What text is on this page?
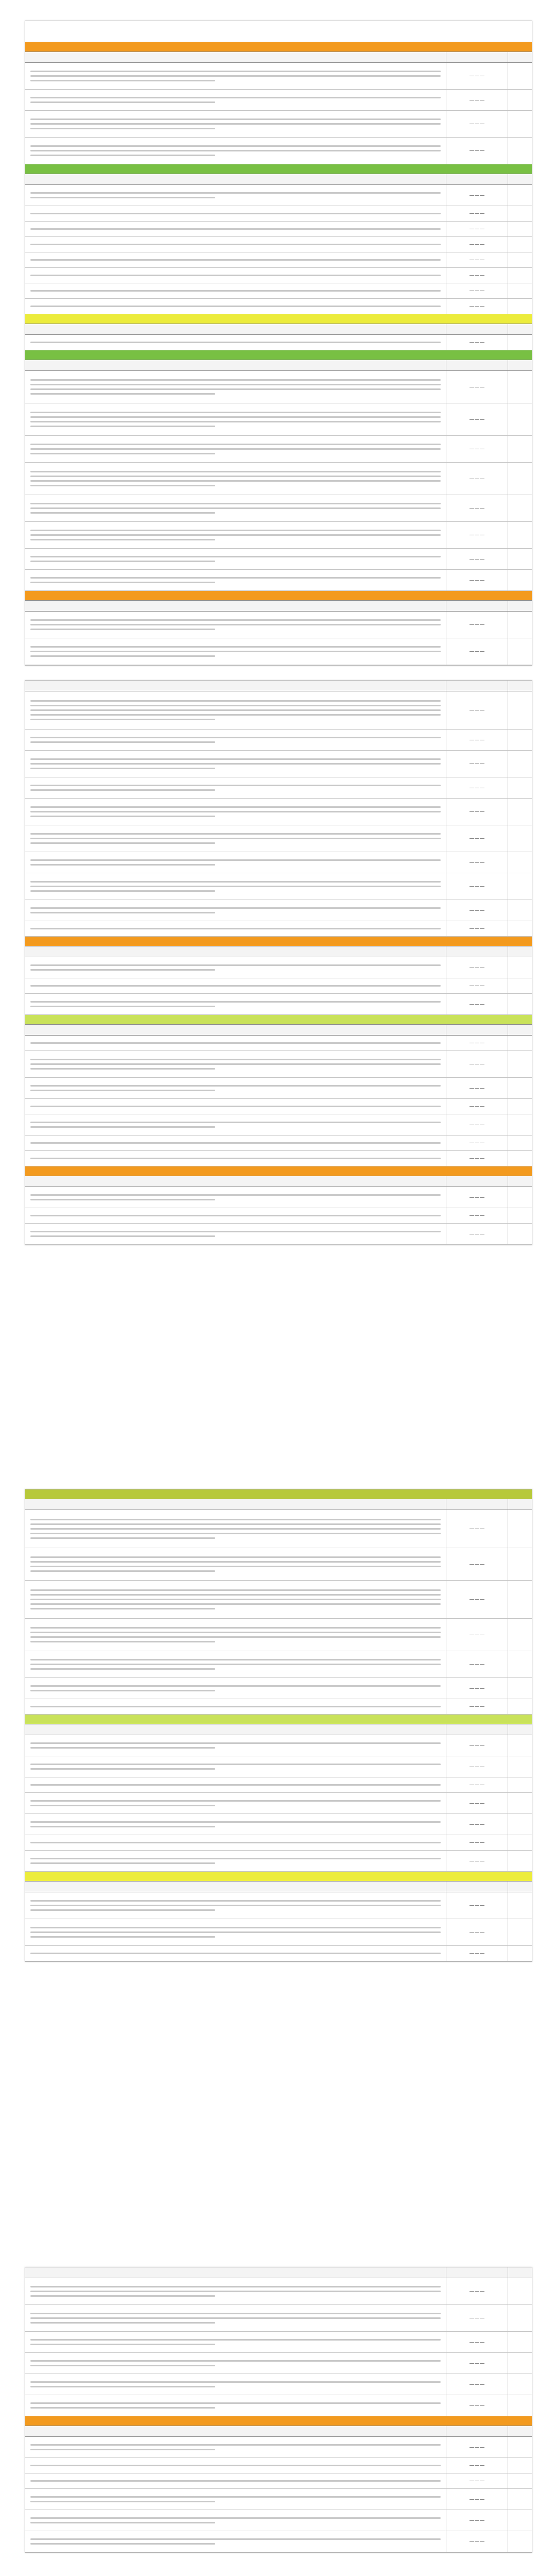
———
———
———
———
———
———
———
———
———
———
———
———
———
———
———
———
———
———
———
———
———
———
———
———
———
———
———
———
———
———
———
———
———
———
———
———
———
———
———
———
———
———
———
———
———
———
———
———
———
———
———
———
———
———
———
———
———
———
———
———
———
———
———
———
———
———
———
———
———
———
———
———
———
———
———
